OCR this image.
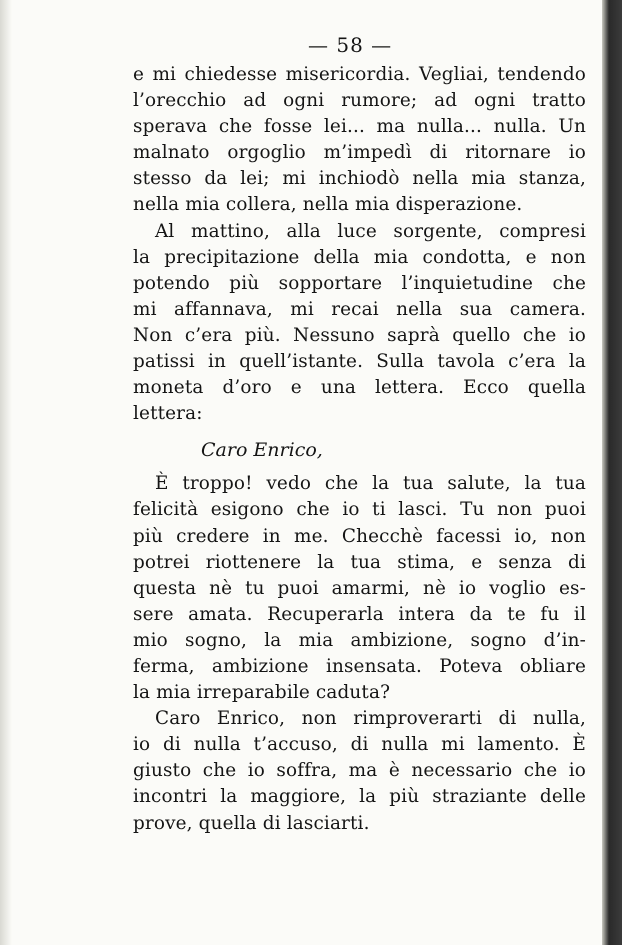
— 58 —
e mi chiedesse misericordia. Vegliai, tendendo
l’orecchio ad ogni rumore; ad ogni tratto
sperava che fosse lei... ma nulla... nulla. Un
malnato orgoglio m’impedì di ritornare io
stesso da lei; mi inchiodò nella mia stanza,
nella mia collera, nella mia disperazione.
Al mattino, alla luce sorgente, compresi
la precipitazione della mia condotta, e non
potendo più sopportare l’inquietudine che
mi affannava, mi recai nella sua camera.
Non c’era più. Nessuno saprà quello che io
patissi in quell’istante. Sulla tavola c’era la
moneta d’oro e una lettera. Ecco quella
lettera:
Caro Enrico,
È troppo! vedo che la tua salute, la tua
felicità esigono che io ti lasci. Tu non puoi
più credere in me. Checchè facessi io, non
potrei riottenere la tua stima, e senza di
questa nè tu puoi amarmi, nè io voglio es-
sere amata. Recuperarla intera da te fu il
mio sogno, la mia ambizione, sogno d’in-
ferma, ambizione insensata. Poteva obliare
la mia irreparabile caduta?
Caro Enrico, non rimproverarti di nulla,
io di nulla t’accuso, di nulla mi lamento. È
giusto che io soffra, ma è necessario che io
incontri la maggiore, la più straziante delle
prove, quella di lasciarti.
